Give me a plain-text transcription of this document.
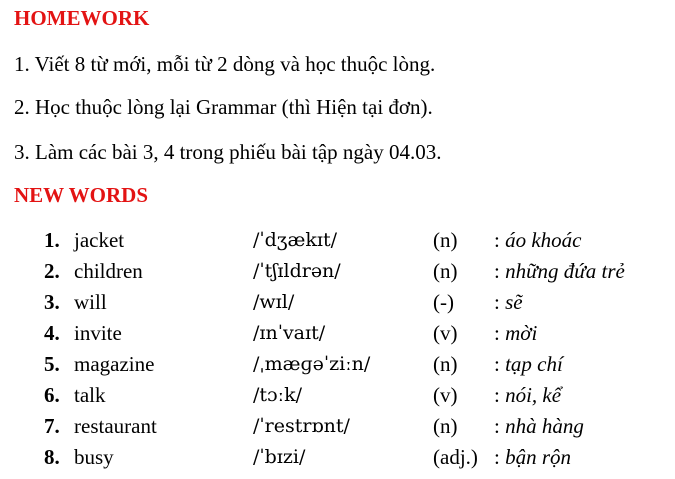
HOMEWORK

1. Viết 8 từ mới, mỗi từ 2 dòng và học thuộc lòng.

2. Học thuộc lòng lại Grammar (thì Hiện tại đơn).

3. Làm các bài 3, 4 trong phiếu bài tập ngày 04.03.

NEW WORDS
1. jacket	/ˈdʒækɪt/	(n) : áo khoác
2. children	/ˈtʃɪldrən/	(n) : những đứa trẻ
3. will	/wɪl/	(-) : sẽ
4. invite	/ɪnˈvaɪt/	(v) : mời
5. magazine	/ˌmæɡəˈziːn/	(n) : tạp chí
6. talk	/tɔːk/	(v) : nói, kể
7. restaurant	/ˈrestrɒnt/	(n) : nhà hàng
8. busy	/ˈbɪzi/	(adj.) : bận rộn
